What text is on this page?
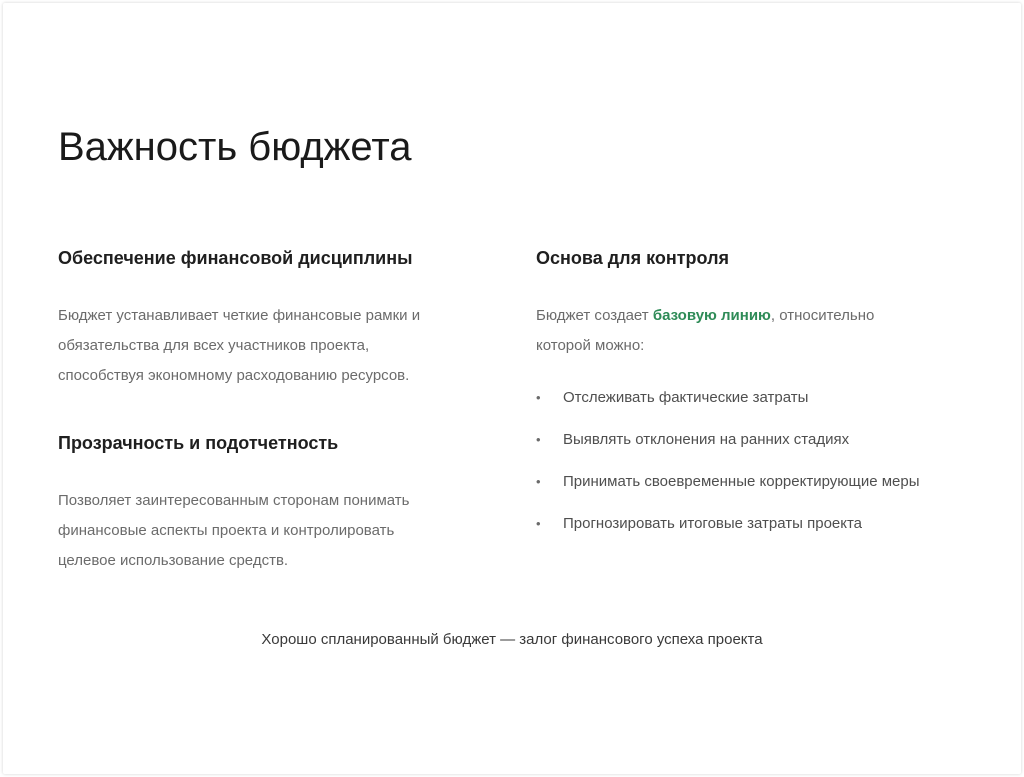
Важность бюджета
Обеспечение финансовой дисциплины

Бюджет устанавливает четкие финансовые рамки и
обязательства для всех участников проекта,
способствуя экономному расходованию ресурсов.

Прозрачность и подотчетность

Позволяет заинтересованным сторонам понимать
финансовые аспекты проекта и контролировать
целевое использование средств.

Основа для контроля

Бюджет создает базовую линию, относительно
которой можно:

• Отслеживать фактические затраты
• Выявлять отклонения на ранних стадиях
• Принимать своевременные корректирующие меры
• Прогнозировать итоговые затраты проекта
Хорошо спланированный бюджет — залог финансового успеха проекта
